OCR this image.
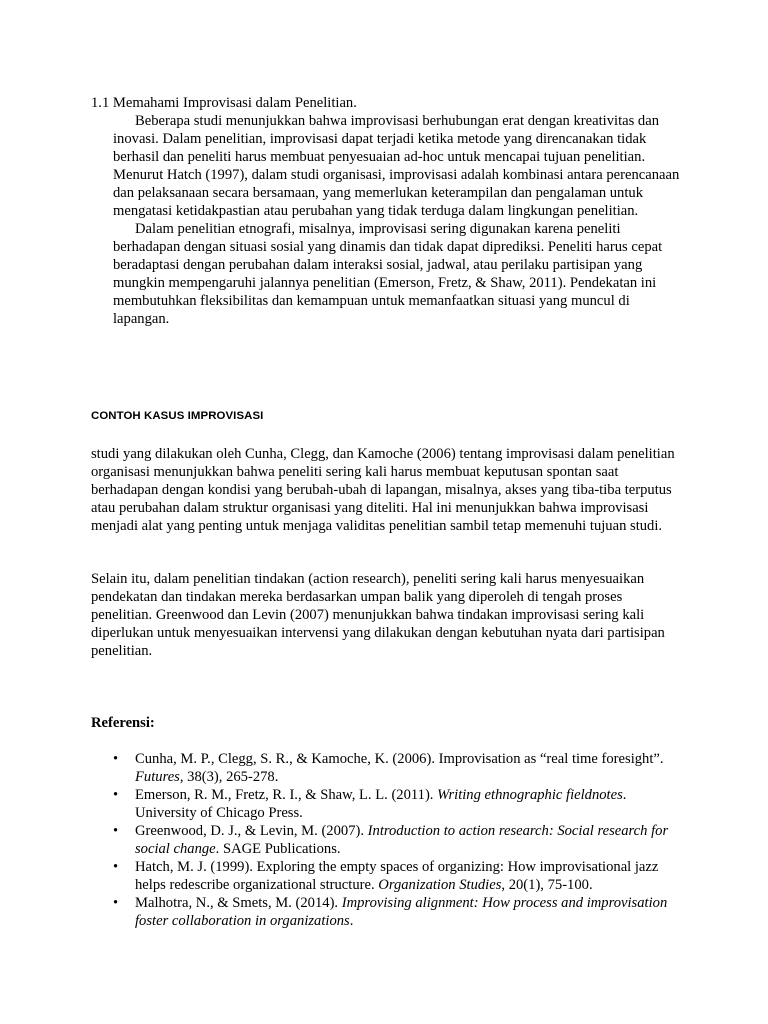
1.1 Memahami Improvisasi dalam Penelitian.

Beberapa studi menunjukkan bahwa improvisasi berhubungan erat dengan kreativitas dan inovasi. Dalam penelitian, improvisasi dapat terjadi ketika metode yang direncanakan tidak berhasil dan peneliti harus membuat penyesuaian ad-hoc untuk mencapai tujuan penelitian. Menurut Hatch (1997), dalam studi organisasi, improvisasi adalah kombinasi antara perencanaan dan pelaksanaan secara bersamaan, yang memerlukan keterampilan dan pengalaman untuk mengatasi ketidakpastian atau perubahan yang tidak terduga dalam lingkungan penelitian.

Dalam penelitian etnografi, misalnya, improvisasi sering digunakan karena peneliti berhadapan dengan situasi sosial yang dinamis dan tidak dapat diprediksi. Peneliti harus cepat beradaptasi dengan perubahan dalam interaksi sosial, jadwal, atau perilaku partisipan yang mungkin mempengaruhi jalannya penelitian (Emerson, Fretz, & Shaw, 2011). Pendekatan ini membutuhkan fleksibilitas dan kemampuan untuk memanfaatkan situasi yang muncul di lapangan.

CONTOH KASUS IMPROVISASI

studi yang dilakukan oleh Cunha, Clegg, dan Kamoche (2006) tentang improvisasi dalam penelitian organisasi menunjukkan bahwa peneliti sering kali harus membuat keputusan spontan saat berhadapan dengan kondisi yang berubah-ubah di lapangan, misalnya, akses yang tiba-tiba terputus atau perubahan dalam struktur organisasi yang diteliti. Hal ini menunjukkan bahwa improvisasi menjadi alat yang penting untuk menjaga validitas penelitian sambil tetap memenuhi tujuan studi.

Selain itu, dalam penelitian tindakan (action research), peneliti sering kali harus menyesuaikan pendekatan dan tindakan mereka berdasarkan umpan balik yang diperoleh di tengah proses penelitian. Greenwood dan Levin (2007) menunjukkan bahwa tindakan improvisasi sering kali diperlukan untuk menyesuaikan intervensi yang dilakukan dengan kebutuhan nyata dari partisipan penelitian.

Referensi:
• Cunha, M. P., Clegg, S. R., & Kamoche, K. (2006). Improvisation as “real time foresight”. Futures, 38(3), 265-278.
• Emerson, R. M., Fretz, R. I., & Shaw, L. L. (2011). Writing ethnographic fieldnotes. University of Chicago Press.
• Greenwood, D. J., & Levin, M. (2007). Introduction to action research: Social research for social change. SAGE Publications.
• Hatch, M. J. (1999). Exploring the empty spaces of organizing: How improvisational jazz helps redescribe organizational structure. Organization Studies, 20(1), 75-100.
• Malhotra, N., & Smets, M. (2014). Improvising alignment: How process and improvisation foster collaboration in organizations.
